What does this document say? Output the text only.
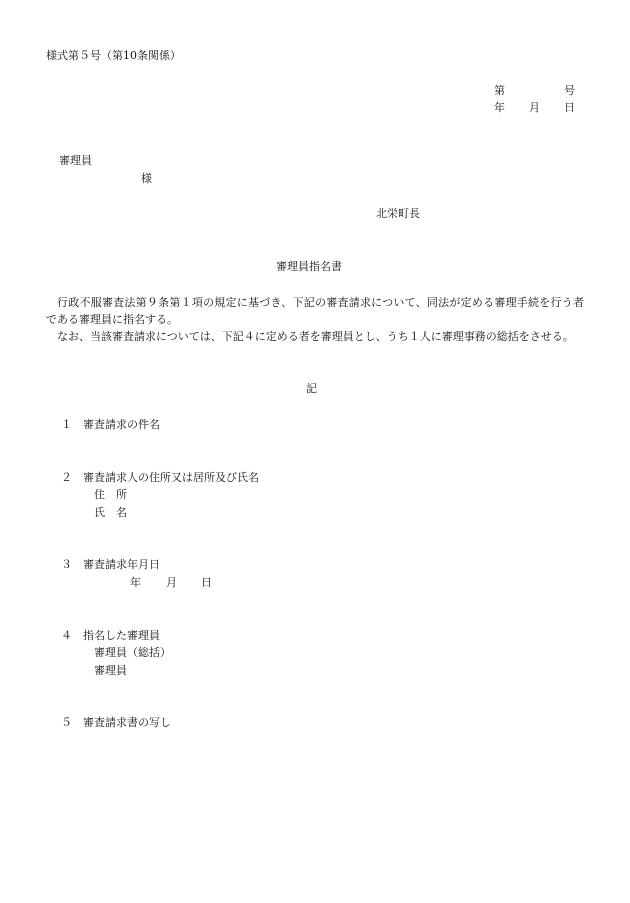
様式第５号（第10条関係）
第	号
年 月 日
審理員
様
北栄町長
審理員指名書

行政不服審査法第９条第１項の規定に基づき、下記の審査請求について、同法が定める審理手続を行う者である審理員に指名する。

なお、当該審査請求については、下記４に定める者を審理員とし、うち１人に審理事務の総括をさせる。

記
１ 審査請求の件名
２ 審査請求人の住所又は居所及び氏名
住　所
氏　名
３ 審査請求年月日
年 月 日
４ 指名した審理員
審理員（総括）
審理員
５ 審査請求書の写し
